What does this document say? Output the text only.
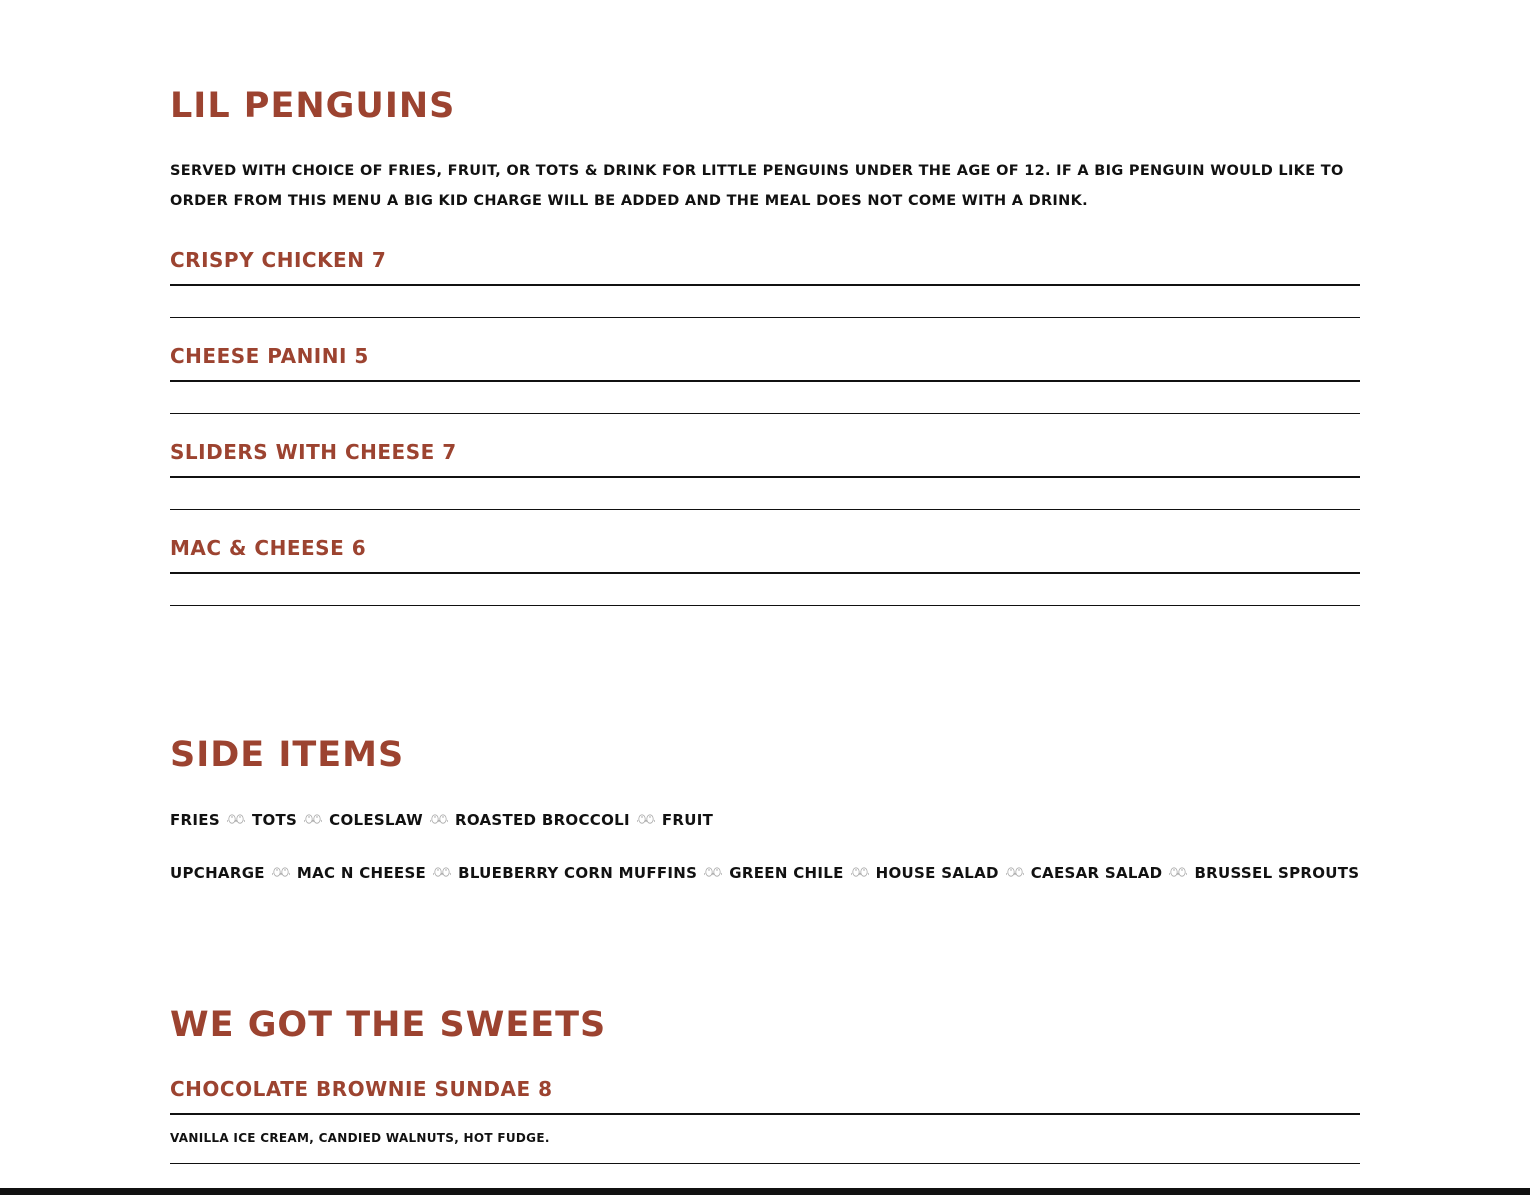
LIL PENGUINS

SERVED WITH CHOICE OF FRIES, FRUIT, OR TOTS & DRINK FOR LITTLE PENGUINS UNDER THE AGE OF 12. IF A BIG PENGUIN WOULD LIKE TO ORDER FROM THIS MENU A BIG KID CHARGE WILL BE ADDED AND THE MEAL DOES NOT COME WITH A DRINK.

CRISPY CHICKEN 7
CHEESE PANINI 5
SLIDERS WITH CHEESE 7
MAC & CHEESE 6
SIDE ITEMS
FRIES TOTS COLESLAW ROASTED BROCCOLI FRUIT
UPCHARGE MAC N CHEESE BLUEBERRY CORN MUFFINS GREEN CHILE HOUSE SALAD CAESAR SALAD BRUSSEL SPROUTS
WE GOT THE SWEETS
CHOCOLATE BROWNIE SUNDAE 8

VANILLA ICE CREAM, CANDIED WALNUTS, HOT FUDGE.
